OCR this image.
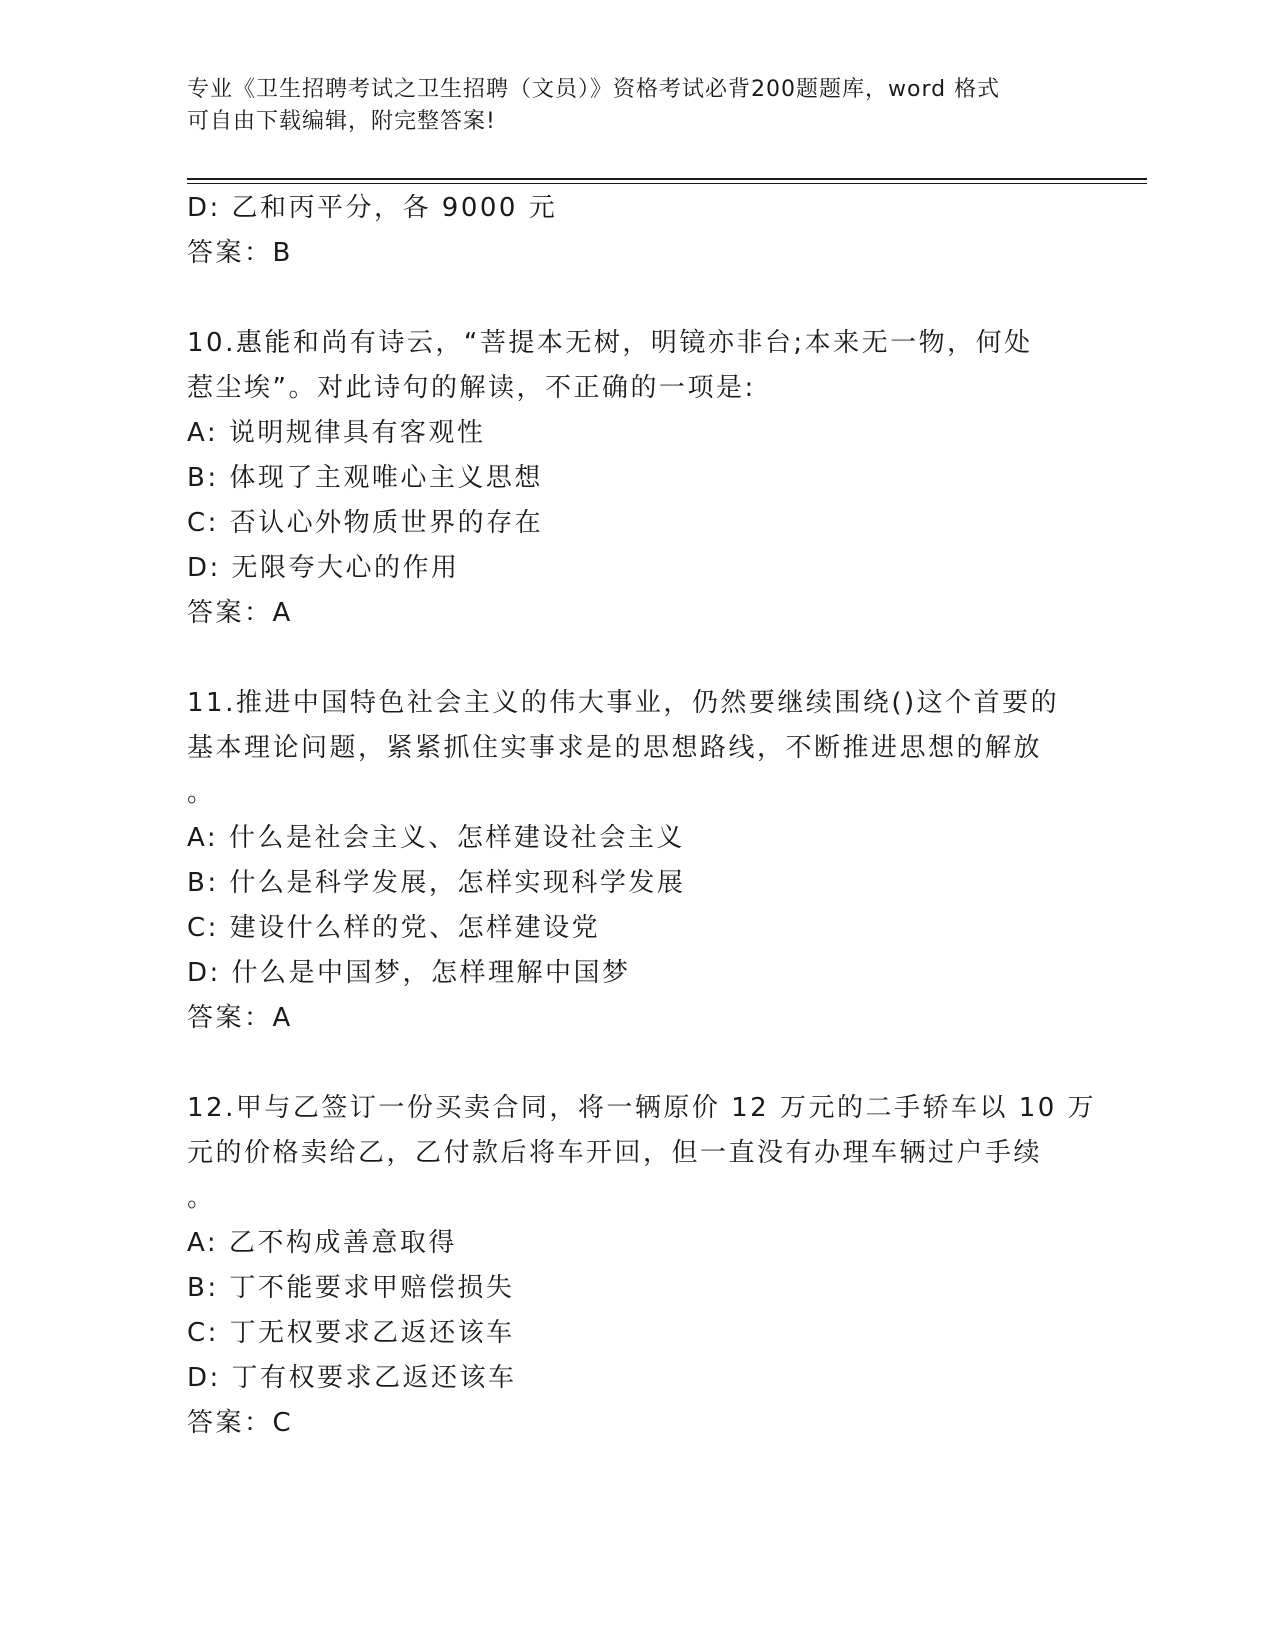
专业《卫生招聘考试之卫生招聘（文员）》资格考试必背200题题库，word 格式
可自由下载编辑，附完整答案!
D: 乙和丙平分，各 9000 元
答案：B
10.惠能和尚有诗云，“菩提本无树，明镜亦非台;本来无一物，何处
惹尘埃”。对此诗句的解读，不正确的一项是:
A: 说明规律具有客观性
B: 体现了主观唯心主义思想
C: 否认心外物质世界的存在
D: 无限夸大心的作用
答案：A
11.推进中国特色社会主义的伟大事业，仍然要继续围绕()这个首要的
基本理论问题，紧紧抓住实事求是的思想路线，不断推进思想的解放
。
A: 什么是社会主义、怎样建设社会主义
B: 什么是科学发展，怎样实现科学发展
C: 建设什么样的党、怎样建设党
D: 什么是中国梦，怎样理解中国梦
答案：A
12.甲与乙签订一份买卖合同，将一辆原价 12 万元的二手轿车以 10 万
元的价格卖给乙，乙付款后将车开回，但一直没有办理车辆过户手续
。
A: 乙不构成善意取得
B: 丁不能要求甲赔偿损失
C: 丁无权要求乙返还该车
D: 丁有权要求乙返还该车
答案：C
